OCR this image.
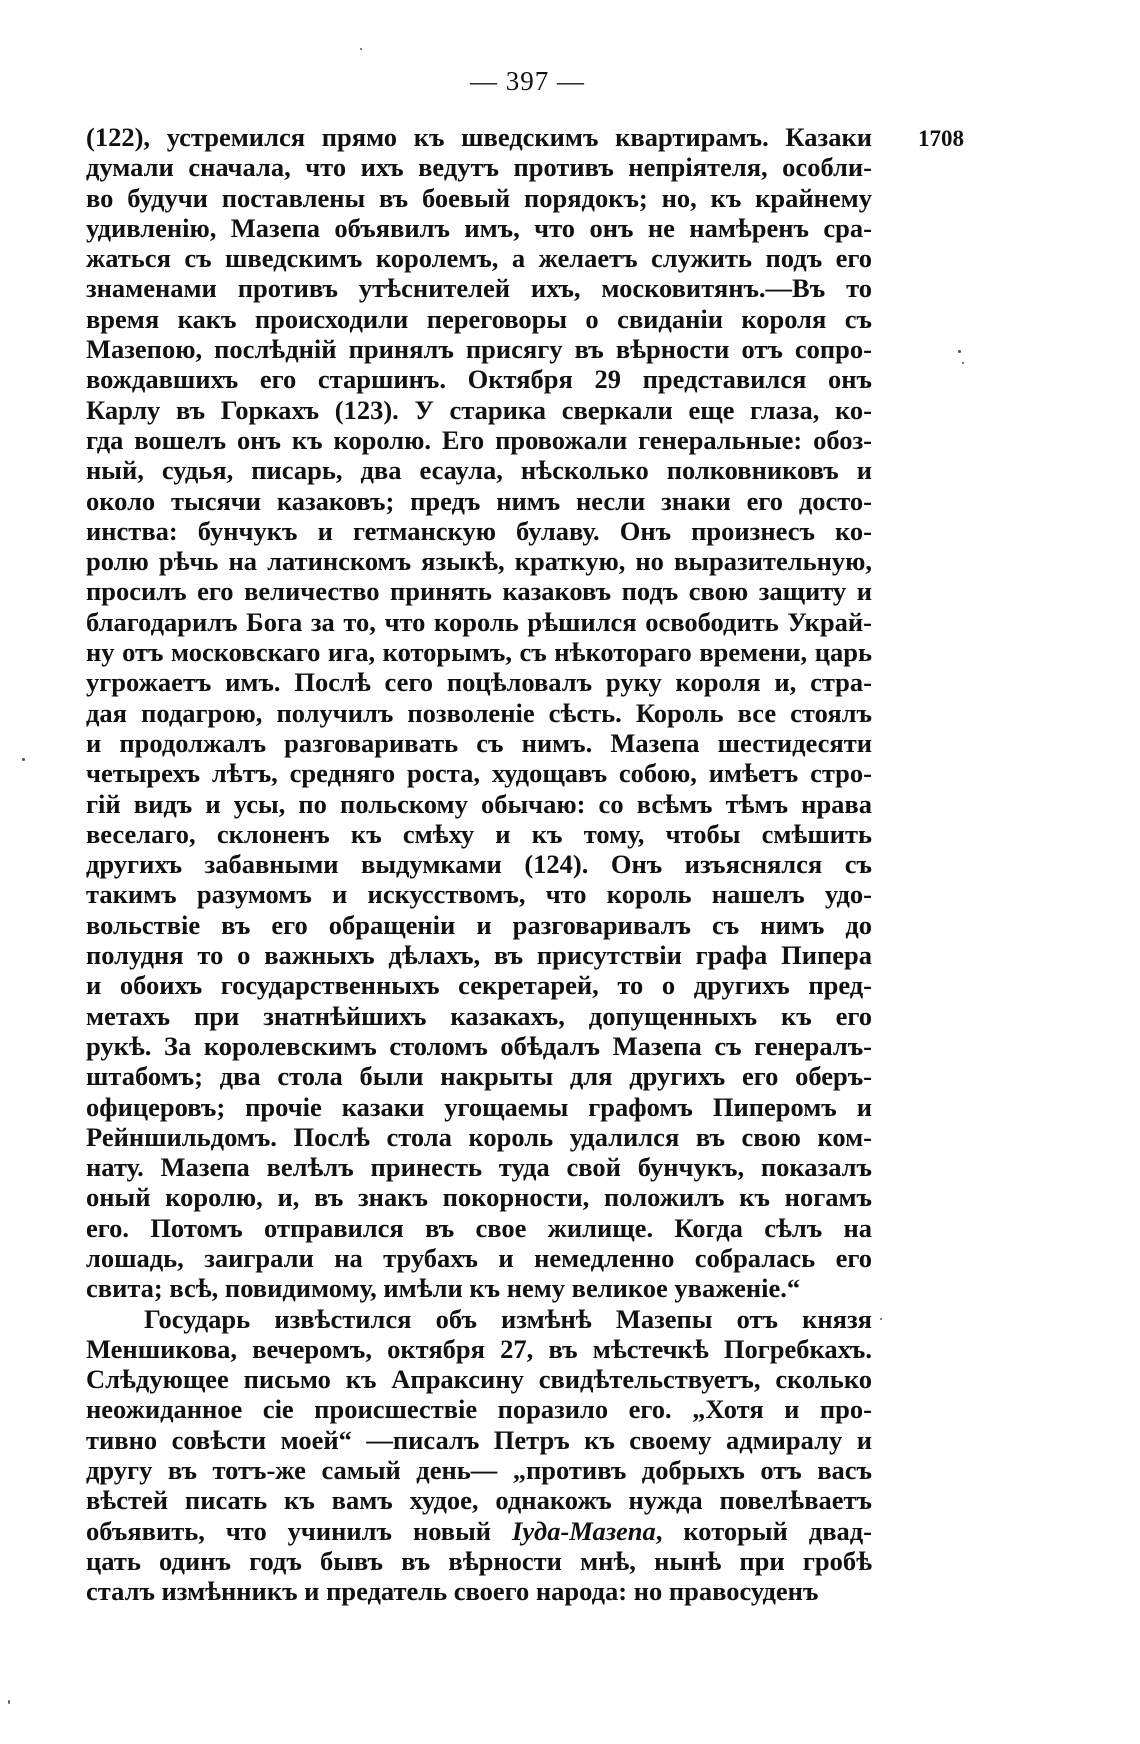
— 397 —
1708
(122), устремился прямо къ шведскимъ квартирамъ. Казаки
думали сначала, что ихъ ведутъ противъ непріятеля, особли-
во будучи поставлены въ боевый порядокъ; но, къ крайнему
удивленію, Мазепа объявилъ имъ, что онъ не намѣренъ сра-
жаться съ шведскимъ королемъ, а желаетъ служить подъ его
знаменами противъ утѣснителей ихъ, московитянъ.—Въ то
время какъ происходили переговоры о свиданіи короля съ
Мазепою, послѣдній принялъ присягу въ вѣрности отъ сопро-
вождавшихъ его старшинъ. Октября 29 представился онъ
Карлу въ Горкахъ (123). У старика сверкали еще глаза, ко-
гда вошелъ онъ къ королю. Его провожали генеральные: обоз-
ный, судья, писарь, два есаула, нѣсколько полковниковъ и
около тысячи казаковъ; предъ нимъ несли знаки его досто-
инства: бунчукъ и гетманскую булаву. Онъ произнесъ ко-
ролю рѣчь на латинскомъ языкѣ, краткую, но выразительную,
просилъ его величество принять казаковъ подъ свою защиту и
благодарилъ Бога за то, что король рѣшился освободить Украй-
ну отъ московскаго ига, которымъ, съ нѣкотораго времени, царь
угрожаетъ имъ. Послѣ сего поцѣловалъ руку короля и, стра-
дая подагрою, получилъ позволеніе сѣсть. Король все стоялъ
и продолжалъ разговаривать съ нимъ. Мазепа шестидесяти
четырехъ лѣтъ, средняго роста, худощавъ собою, имѣетъ стро-
гій видъ и усы, по польскому обычаю: со всѣмъ тѣмъ нрава
веселаго, склоненъ къ смѣху и къ тому, чтобы смѣшить
другихъ забавными выдумками (124). Онъ изъяснялся съ
такимъ разумомъ и искусствомъ, что король нашелъ удо-
вольствіе въ его обращеніи и разговаривалъ съ нимъ до
полудня то о важныхъ дѣлахъ, въ присутствіи графа Пипера
и обоихъ государственныхъ секретарей, то о другихъ пред-
метахъ при знатнѣйшихъ казакахъ, допущенныхъ къ его
рукѣ. За королевскимъ столомъ обѣдалъ Мазепа съ генералъ-
штабомъ; два стола были накрыты для другихъ его оберъ-
офицеровъ; прочіе казаки угощаемы графомъ Пиперомъ и
Рейншильдомъ. Послѣ стола король удалился въ свою ком-
нату. Мазепа велѣлъ принесть туда свой бунчукъ, показалъ
оный королю, и, въ знакъ покорности, положилъ къ ногамъ
его. Потомъ отправился въ свое жилище. Когда сѣлъ на
лошадь, заиграли на трубахъ и немедленно собралась его
свита; всѣ, повидимому, имѣли къ нему великое уваженіе.“
Государь извѣстился объ измѣнѣ Мазепы отъ князя
Меншикова, вечеромъ, октября 27, въ мѣстечкѣ Погребкахъ.
Слѣдующее письмо къ Апраксину свидѣтельствуетъ, сколько
неожиданное сіе происшествіе поразило его. „Хотя и про-
тивно совѣсти моей“ —писалъ Петръ къ своему адмиралу и
другу въ тотъ-же самый день— „противъ добрыхъ отъ васъ
вѣстей писать къ вамъ худое, однакожъ нужда повелѣваетъ
объявить, что учинилъ новый Іуда-Мазепа, который двад-
цать одинъ годъ бывъ въ вѣрности мнѣ, нынѣ при гробѣ
сталъ измѣнникъ и предатель своего народа: но правосуденъ
